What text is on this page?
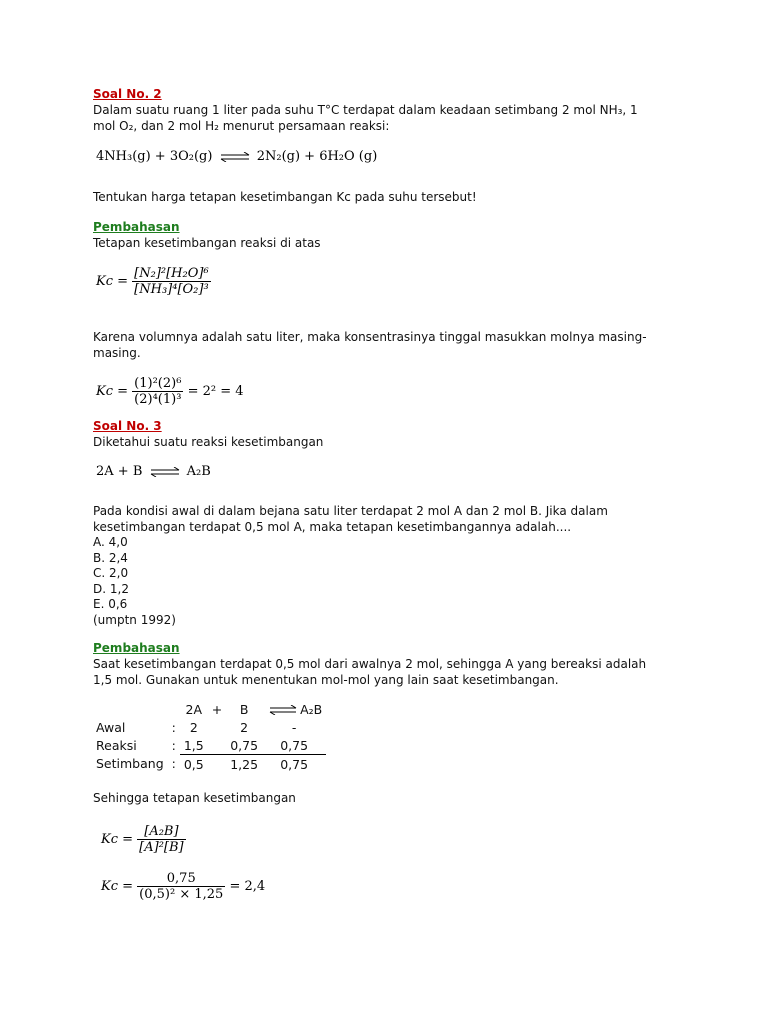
Soal No. 2
Dalam suatu ruang 1 liter pada suhu T°C terdapat dalam keadaan setimbang 2 mol NH₃, 1
mol O₂, dan 2 mol H₂ menurut persamaan reaksi:
4NH₃(g) + 3O₂(g) ⇌ 2N₂(g) + 6H₂O (g)
Tentukan harga tetapan kesetimbangan Kc pada suhu tersebut!
Pembahasan
Tetapan kesetimbangan reaksi di atas
$Kc = \frac{\text{[N₂]²[H₂O]⁶}}{\text{[NH₃]⁴[O₂]³}}$
Karena volumnya adalah satu liter, maka konsentrasinya tinggal masukkan molnya masing-
masing.
$Kc = \frac{\text{(1)²(2)⁶}}{\text{(2)⁴(1)³}} = 2^2 = 4$
Soal No. 3
Diketahui suatu reaksi kesetimbangan
2A + B ⇌ A₂B
Pada kondisi awal di dalam bejana satu liter terdapat 2 mol A dan 2 mol B. Jika dalam
kesetimbangan terdapat 0,5 mol A, maka tetapan kesetimbangannya adalah....
A. 4,0
B. 2,4
C. 2,0
D. 1,2
E. 0,6
(umptn 1992)
Pembahasan
Saat kesetimbangan terdapat 0,5 mol dari awalnya 2 mol, sehingga A yang bereaksi adalah
1,5 mol. Gunakan untuk menentukan mol-mol yang lain saat kesetimbangan.
		2A	+	B	⇌ A₂B
Awal	:	2		2	-
Reaksi	:	1,5		0,75	0,75
Setimbang	:	0,5		1,25	0,75
Sehingga tetapan kesetimbangan
$Kc = \frac{\text{[A₂B]}}{\text{[A]²[B]}}$
$Kc = \frac{0,75}{\text{(0,5)² × 1,25}} = 2,4$
